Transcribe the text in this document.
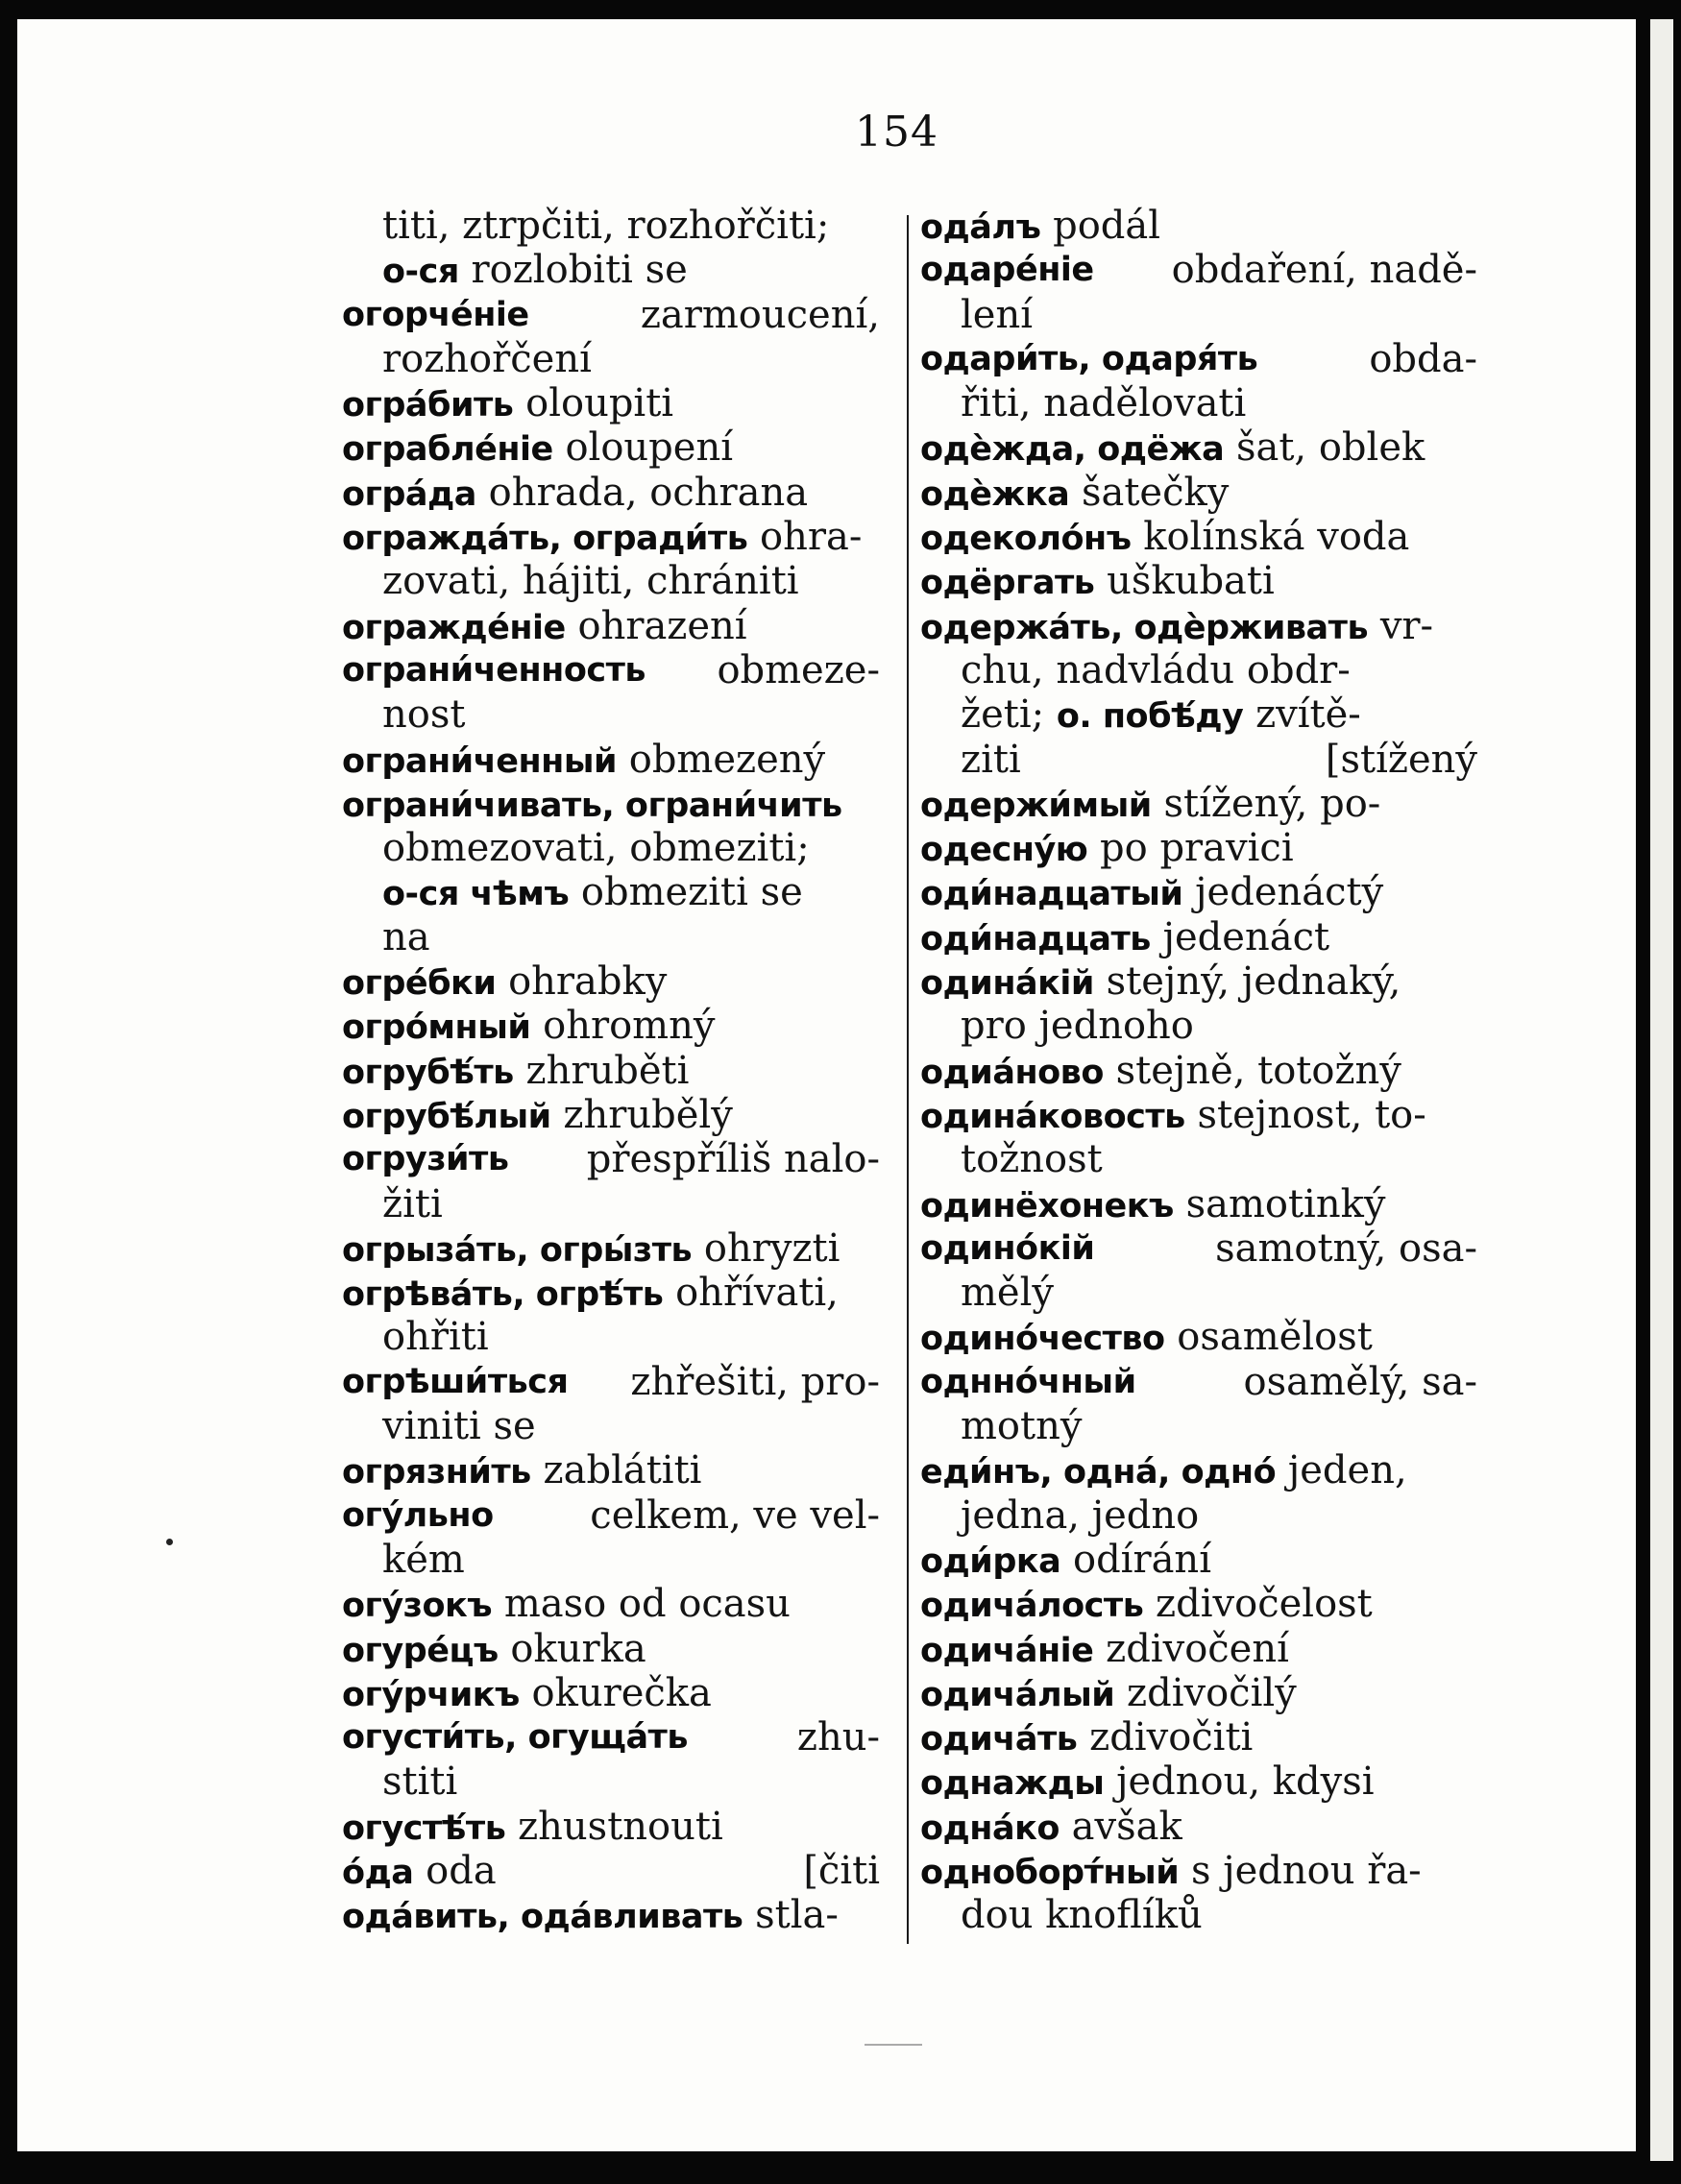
154
titi, ztrpčiti, rozhořčiti;
о-ся rozlobiti se
огорче́ніе	zarmoucení,
rozhořčení
огра́бить oloupiti
ограбле́ніе oloupení
огра́да ohrada, ochrana
огражда́ть, огради́ть ohra-
zovati, hájiti, chrániti
огражде́ніе ohrazení
ограни́ченность obmeze-
nost
ограни́ченный obmezený
ограни́чивать, ограни́чить
obmezovati, obmeziti;
о-ся чѣмъ obmeziti se
na
огре́бки ohrabky
огро́мный ohromný
огрубѣ́ть zhruběti
огрубѣ́лый zhrubělý
огрузи́ть přespříliš nalo-
žiti
огрыза́ть, огры́зть ohryzti
огрѣва́ть, огрѣ́ть ohřívati,
ohřiti
огрѣши́ться zhřešiti, pro-
viniti se
огрязни́ть zablátiti
огу́льно	celkem, ve vel-
kém
огу́зокъ maso od ocasu
огуре́цъ okurka
огу́рчикъ okurečka
огусти́ть, огуща́ть	zhu-
stiti
огустѣ́ть zhustnouti
о́да oda	[čiti
ода́вить, ода́вливать stla-
ода́лъ podál
одаре́ніе obdaření, nadě-
lení
одари́ть, одаря́ть	obda-
řiti, nadělovati
одѐжда, одёжа šat, oblek
одѐжка šatečky
одеколо́нъ kolínská voda
одёргать uškubati
одержа́ть, одѐрживать vr-
chu, nadvládu obdr-
žeti; о. побѣ́ду zvítě-
ziti	[stížený
одержи́мый stížený, po-
одесну́ю po pravici
оди́надцатый jedenáctý
оди́надцать jedenáct
одина́кій stejný, jednaký,
pro jednoho
одиа́ново stejně, totožný
одина́ковость stejnost, to-
tožnost
одинёхонекъ samotinký
одино́кій	samotný, osa-
mělý
одино́чество osamělost
однно́чный	osamělý, sa-
motný
еди́нъ, одна́, одно́ jeden,
jedna, jedno
оди́рка odírání
одича́лость zdivočelost
одича́ніе zdivočení
одича́лый zdivočilý
одича́ть zdivočiti
однажды jednou, kdysi
одна́ко avšak
одноборт́ный s jednou řa-
dou knoflíků
